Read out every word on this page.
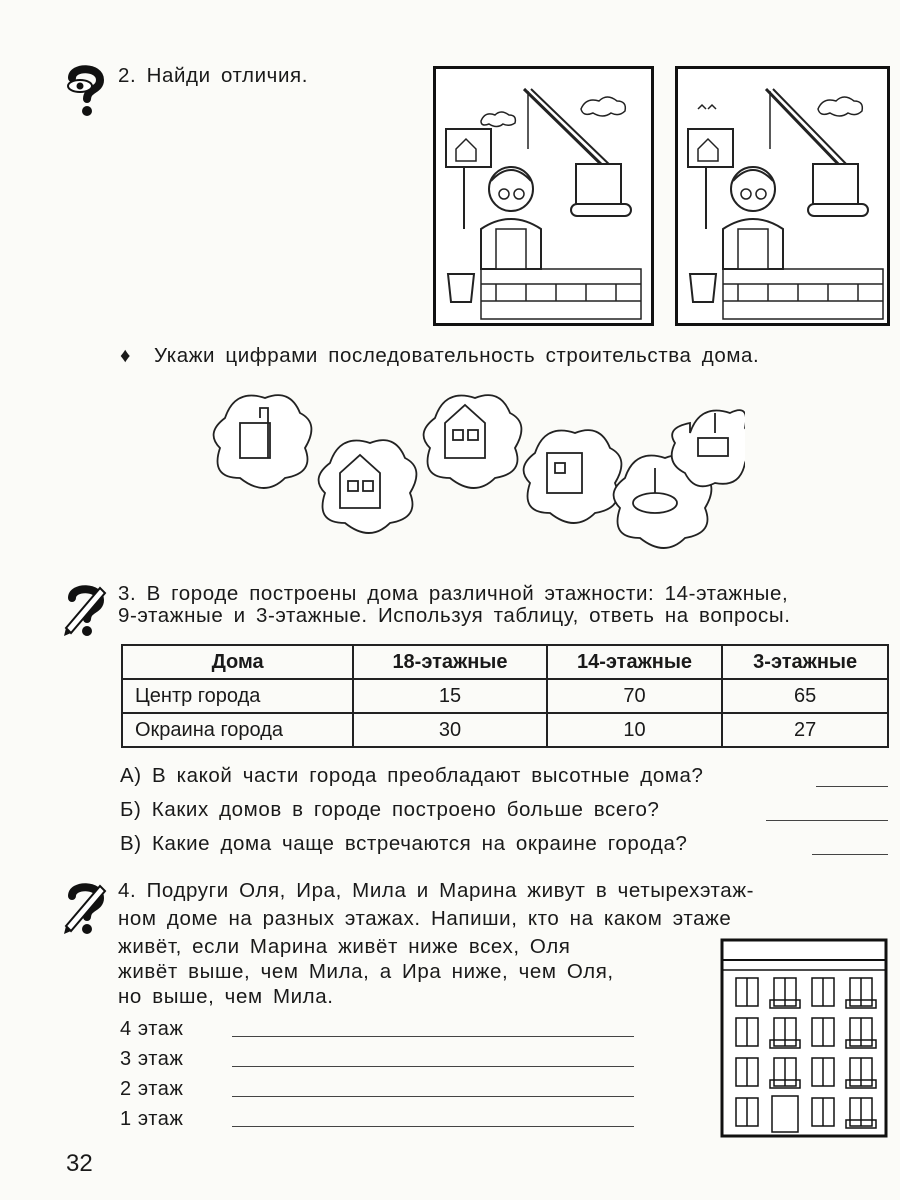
2. Найди отличия.
♦ Укажи цифрами последовательность строительства дома.
3. В городе построены дома различной этажности: 14-этажные,
9-этажные и 3-этажные. Используя таблицу, ответь на вопросы.
Дома	18-этажные	14-этажные	3-этажные
Центр города	15	70	65
Окраина города	30	10	27
А) В какой части города преобладают высотные дома?
Б) Каких домов в городе построено больше всего?
В) Какие дома чаще встречаются на окраине города?
4. Подруги Оля, Ира, Мила и Марина живут в четырехэтаж-
ном доме на разных этажах. Напиши, кто на каком этаже
живёт, если Марина живёт ниже всех, Оля
живёт выше, чем Мила, а Ира ниже, чем Оля,
но выше, чем Мила.
4 этаж
3 этаж
2 этаж
1 этаж
32
